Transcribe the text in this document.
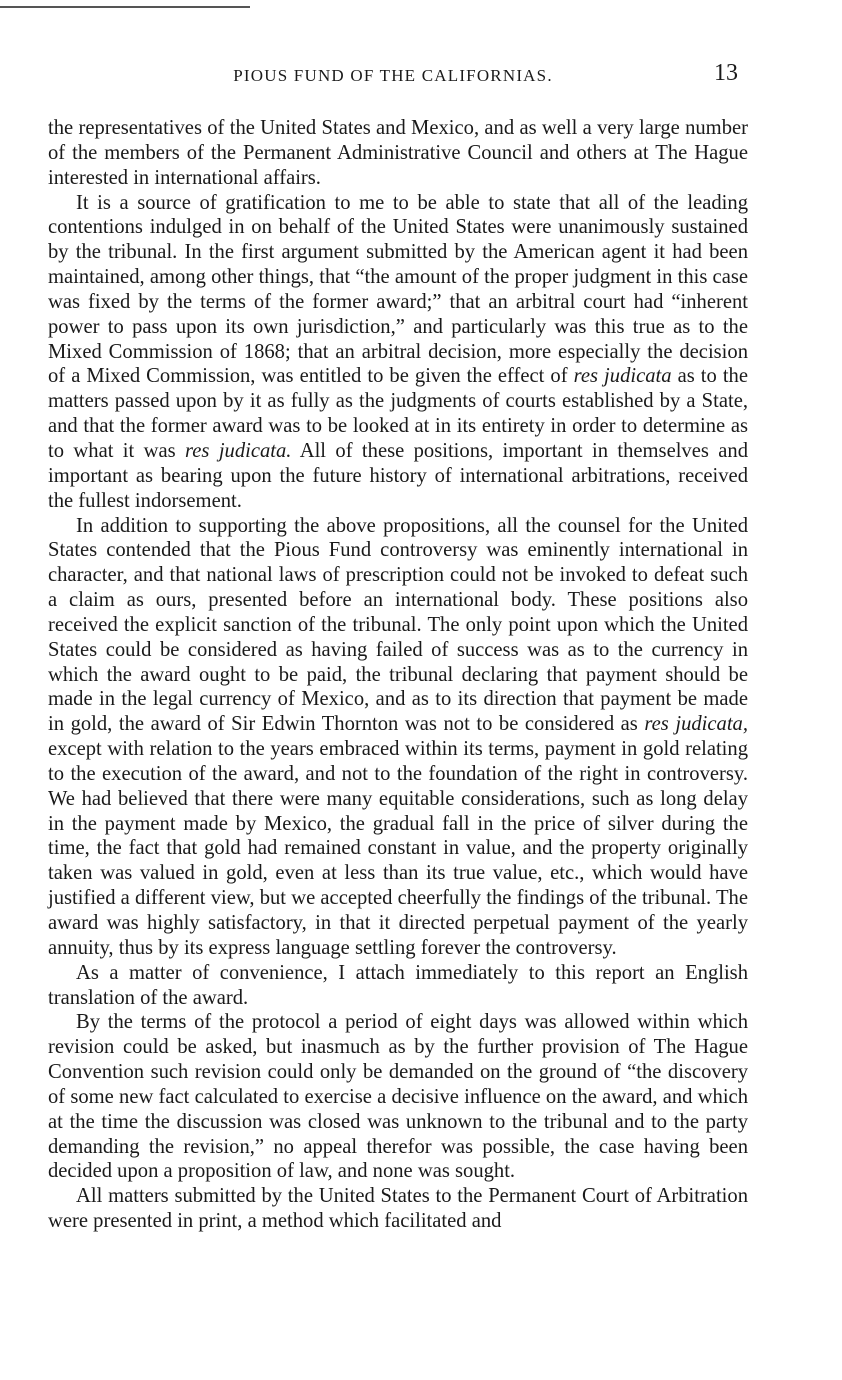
PIOUS FUND OF THE CALIFORNIAS.	13

the representatives of the United States and Mexico, and as well a very large number of the members of the Permanent Administrative Council and others at The Hague interested in international affairs.

It is a source of gratification to me to be able to state that all of the leading contentions indulged in on behalf of the United States were unanimously sustained by the tribunal. In the first argument submitted by the American agent it had been maintained, among other things, that “the amount of the proper judgment in this case was fixed by the terms of the former award;” that an arbitral court had “inherent power to pass upon its own jurisdiction,” and particularly was this true as to the Mixed Commission of 1868; that an arbitral decision, more especially the decision of a Mixed Commission, was entitled to be given the effect of res judicata as to the matters passed upon by it as fully as the judgments of courts established by a State, and that the former award was to be looked at in its entirety in order to determine as to what it was res judicata. All of these positions, important in themselves and important as bearing upon the future history of international arbitrations, received the fullest indorsement.

In addition to supporting the above propositions, all the counsel for the United States contended that the Pious Fund controversy was eminently international in character, and that national laws of prescription could not be invoked to defeat such a claim as ours, presented before an international body. These positions also received the explicit sanction of the tribunal. The only point upon which the United States could be considered as having failed of success was as to the currency in which the award ought to be paid, the tribunal declaring that payment should be made in the legal currency of Mexico, and as to its direction that payment be made in gold, the award of Sir Edwin Thornton was not to be considered as res judicata, except with relation to the years embraced within its terms, payment in gold relating to the execution of the award, and not to the foundation of the right in controversy. We had believed that there were many equitable considerations, such as long delay in the payment made by Mexico, the gradual fall in the price of silver during the time, the fact that gold had remained constant in value, and the property originally taken was valued in gold, even at less than its true value, etc., which would have justified a different view, but we accepted cheerfully the findings of the tribunal. The award was highly satisfactory, in that it directed perpetual payment of the yearly annuity, thus by its express language settling forever the controversy.

As a matter of convenience, I attach immediately to this report an English translation of the award.

By the terms of the protocol a period of eight days was allowed within which revision could be asked, but inasmuch as by the further provision of The Hague Convention such revision could only be demanded on the ground of “the discovery of some new fact calculated to exercise a decisive influence on the award, and which at the time the discussion was closed was unknown to the tribunal and to the party demanding the revision,” no appeal therefor was possible, the case having been decided upon a proposition of law, and none was sought.

All matters submitted by the United States to the Permanent Court of Arbitration were presented in print, a method which facilitated and
